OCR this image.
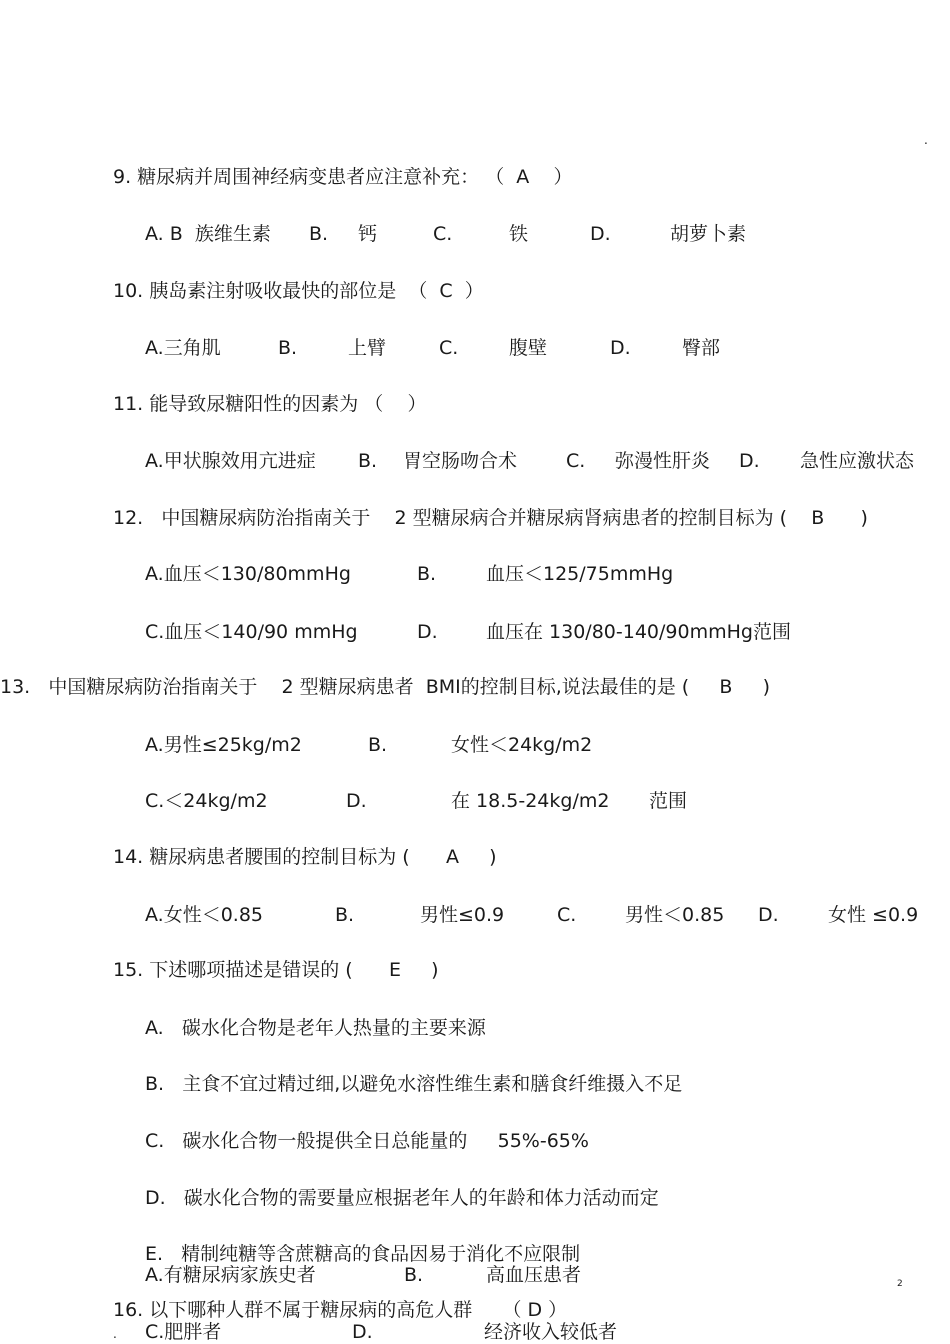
.
9. 糖尿病并周围神经病变患者应注意补充： （  A    ）
A. B  族维生素 B. 钙	C.	铁	D.	胡萝卜素
10. 胰岛素注射吸收最快的部位是  （  C  ）
A.三角肌	B.	上臂	C.	腹壁	D.	臀部
11. 能导致尿糖阳性的因素为 （    ）
A.甲状腺效用亢进症 B. 胃空肠吻合术	C. 弥漫性肝炎 D. 急性应激状态
12.   中国糖尿病防治指南关于    2 型糖尿病合并糖尿病肾病患者的控制目标为 (    B      )
A.血压＜130/80mmHg	B.	血压＜125/75mmHg
C.血压＜140/90 mmHg	D.	血压在 130/80-140/90mmHg范围
13.   中国糖尿病防治指南关于    2 型糖尿病患者  BMI的控制目标,说法最佳的是 (     B     )
A.男性≤25kg/m2	B.	女性＜24kg/m2
C.＜24kg/m2	D.	在 18.5-24kg/m2 范围
14. 糖尿病患者腰围的控制目标为 (      A     )
A.女性＜0.85	B.	男性≤0.9	C.	男性＜0.85 D.	女性 ≤0.9
15. 下述哪项描述是错误的 (      E     )
A.   碳水化合物是老年人热量的主要来源
B.   主食不宜过精过细,以避免水溶性维生素和膳食纤维摄入不足
C.   碳水化合物一般提供全日总能量的     55%-65%
D.   碳水化合物的需要量应根据老年人的年龄和体力活动而定
E.   精制纯糖等含蔗糖高的食品因易于消化不应限制
A.有糖尿病家族史者	B.	高血压患者	2
16. 以下哪种人群不属于糖尿病的高危人群     （ D ）
. C.肥胖者	D.	经济收入较低者
